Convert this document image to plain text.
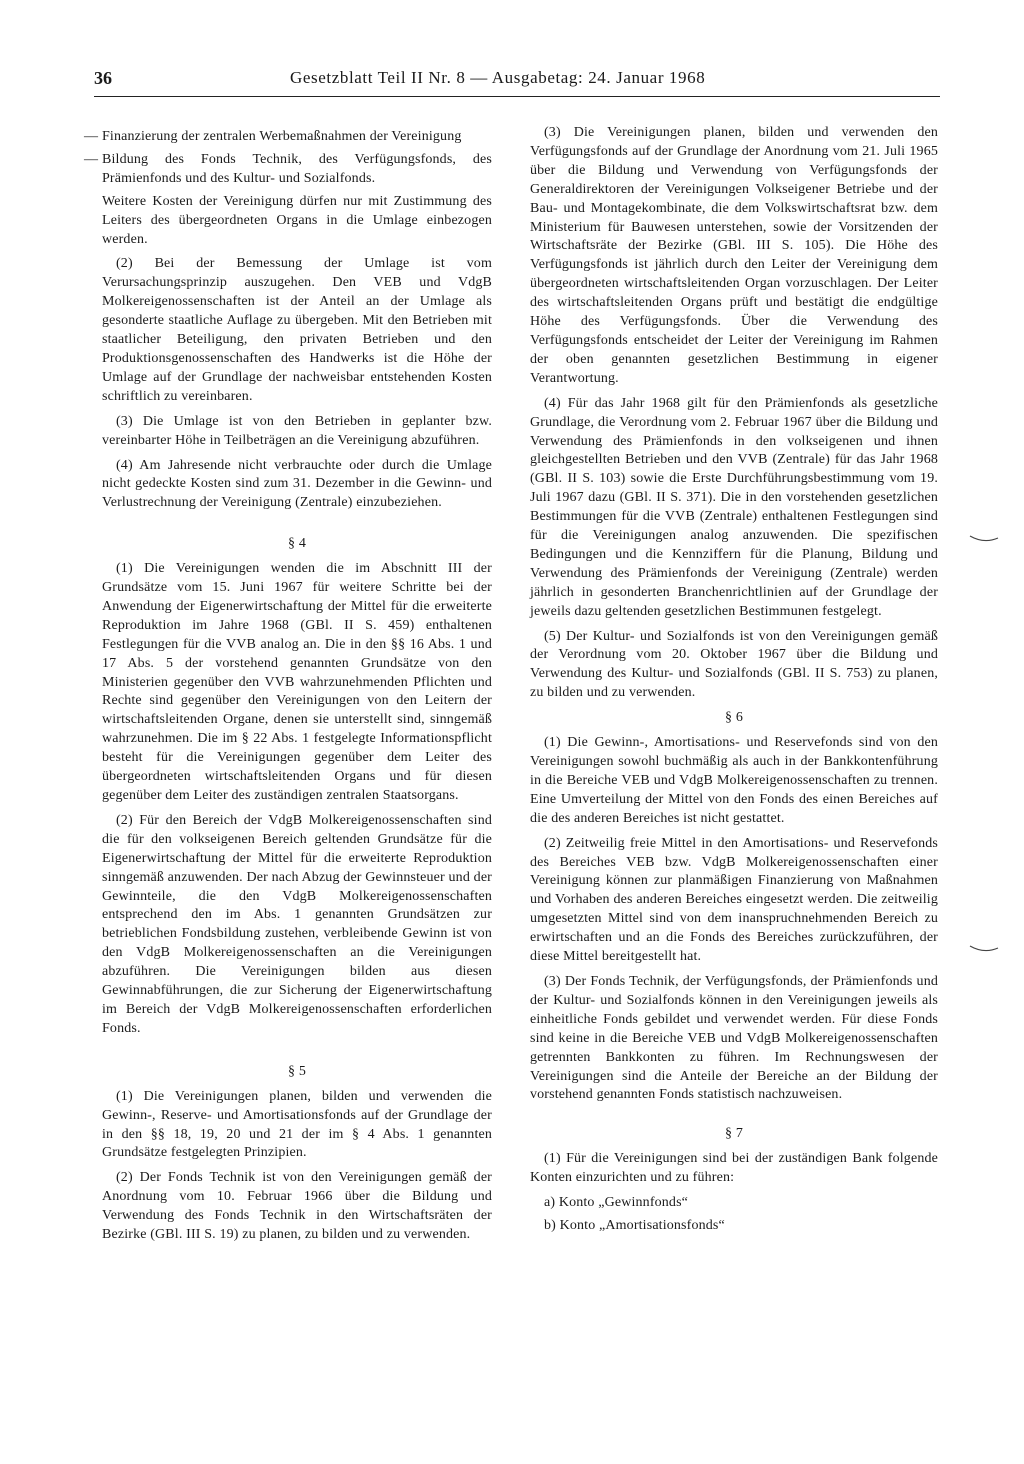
36	Gesetzblatt Teil II Nr. 8 — Ausgabetag: 24. Januar 1968

— Finanzierung der zentralen Werbemaßnahmen der Vereinigung

— Bildung des Fonds Technik, des Verfügungsfonds, des Prämienfonds und des Kultur- und Sozialfonds.

Weitere Kosten der Vereinigung dürfen nur mit Zustimmung des Leiters des übergeordneten Organs in die Umlage einbezogen werden.

(2) Bei der Bemessung der Umlage ist vom Verursachungsprinzip auszugehen. Den VEB und VdgB Molkereigenossenschaften ist der Anteil an der Umlage als gesonderte staatliche Auflage zu übergeben. Mit den Betrieben mit staatlicher Beteiligung, den privaten Betrieben und den Produktionsgenossenschaften des Handwerks ist die Höhe der Umlage auf der Grundlage der nachweisbar entstehenden Kosten schriftlich zu vereinbaren.

(3) Die Umlage ist von den Betrieben in geplanter bzw. vereinbarter Höhe in Teilbeträgen an die Vereinigung abzuführen.

(4) Am Jahresende nicht verbrauchte oder durch die Umlage nicht gedeckte Kosten sind zum 31. Dezember in die Gewinn- und Verlustrechnung der Vereinigung (Zentrale) einzubeziehen.

§ 4

(1) Die Vereinigungen wenden die im Abschnitt III der Grundsätze vom 15. Juni 1967 für weitere Schritte bei der Anwendung der Eigenerwirtschaftung der Mittel für die erweiterte Reproduktion im Jahre 1968 (GBl. II S. 459) enthaltenen Festlegungen für die VVB analog an. Die in den §§ 16 Abs. 1 und 17 Abs. 5 der vorstehend genannten Grundsätze von den Ministerien gegenüber den VVB wahrzunehmenden Pflichten und Rechte sind gegenüber den Vereinigungen von den Leitern der wirtschaftsleitenden Organe, denen sie unterstellt sind, sinngemäß wahrzunehmen. Die im § 22 Abs. 1 festgelegte Informationspflicht besteht für die Vereinigungen gegenüber dem Leiter des übergeordneten wirtschaftsleitenden Organs und für diesen gegenüber dem Leiter des zuständigen zentralen Staatsorgans.

(2) Für den Bereich der VdgB Molkereigenossenschaften sind die für den volkseigenen Bereich geltenden Grundsätze für die Eigenerwirtschaftung der Mittel für die erweiterte Reproduktion sinngemäß anzuwenden. Der nach Abzug der Gewinnsteuer und der Gewinnteile, die den VdgB Molkereigenossenschaften entsprechend den im Abs. 1 genannten Grundsätzen zur betrieblichen Fondsbildung zustehen, verbleibende Gewinn ist von den VdgB Molkereigenossenschaften an die Vereinigungen abzuführen. Die Vereinigungen bilden aus diesen Gewinnabführungen, die zur Sicherung der Eigenerwirtschaftung im Bereich der VdgB Molkereigenossenschaften erforderlichen Fonds.

§ 5

(1) Die Vereinigungen planen, bilden und verwenden die Gewinn-, Reserve- und Amortisationsfonds auf der Grundlage der in den §§ 18, 19, 20 und 21 der im § 4 Abs. 1 genannten Grundsätze festgelegten Prinzipien.

(2) Der Fonds Technik ist von den Vereinigungen gemäß der Anordnung vom 10. Februar 1966 über die Bildung und Verwendung des Fonds Technik in den Wirtschaftsräten der Bezirke (GBl. III S. 19) zu planen, zu bilden und zu verwenden.

(3) Die Vereinigungen planen, bilden und verwenden den Verfügungsfonds auf der Grundlage der Anordnung vom 21. Juli 1965 über die Bildung und Verwendung von Verfügungsfonds der Generaldirektoren der Vereinigungen Volkseigener Betriebe und der Bau- und Montagekombinate, die dem Volkswirtschaftsrat bzw. dem Ministerium für Bauwesen unterstehen, sowie der Vorsitzenden der Wirtschaftsräte der Bezirke (GBl. III S. 105). Die Höhe des Verfügungsfonds ist jährlich durch den Leiter der Vereinigung dem übergeordneten wirtschaftsleitenden Organ vorzuschlagen. Der Leiter des wirtschaftsleitenden Organs prüft und bestätigt die endgültige Höhe des Verfügungsfonds. Über die Verwendung des Verfügungsfonds entscheidet der Leiter der Vereinigung im Rahmen der oben genannten gesetzlichen Bestimmung in eigener Verantwortung.

(4) Für das Jahr 1968 gilt für den Prämienfonds als gesetzliche Grundlage, die Verordnung vom 2. Februar 1967 über die Bildung und Verwendung des Prämienfonds in den volkseigenen und ihnen gleichgestellten Betrieben und den VVB (Zentrale) für das Jahr 1968 (GBl. II S. 103) sowie die Erste Durchführungsbestimmung vom 19. Juli 1967 dazu (GBl. II S. 371). Die in den vorstehenden gesetzlichen Bestimmungen für die VVB (Zentrale) enthaltenen Festlegungen sind für die Vereinigungen analog anzuwenden. Die spezifischen Bedingungen und die Kennziffern für die Planung, Bildung und Verwendung des Prämienfonds der Vereinigung (Zentrale) werden jährlich in gesonderten Branchenrichtlinien auf der Grundlage der jeweils dazu geltenden gesetzlichen Bestimmunen festgelegt.

(5) Der Kultur- und Sozialfonds ist von den Vereinigungen gemäß der Verordnung vom 20. Oktober 1967 über die Bildung und Verwendung des Kultur- und Sozialfonds (GBl. II S. 753) zu planen, zu bilden und zu verwenden.

§ 6

(1) Die Gewinn-, Amortisations- und Reservefonds sind von den Vereinigungen sowohl buchmäßig als auch in der Bankkontenführung in die Bereiche VEB und VdgB Molkereigenossenschaften zu trennen. Eine Umverteilung der Mittel von den Fonds des einen Bereiches auf die des anderen Bereiches ist nicht gestattet.

(2) Zeitweilig freie Mittel in den Amortisations- und Reservefonds des Bereiches VEB bzw. VdgB Molkereigenossenschaften einer Vereinigung können zur planmäßigen Finanzierung von Maßnahmen und Vorhaben des anderen Bereiches eingesetzt werden. Die zeitweilig umgesetzten Mittel sind von dem inanspruchnehmenden Bereich zu erwirtschaften und an die Fonds des Bereiches zurückzuführen, der diese Mittel bereitgestellt hat.

(3) Der Fonds Technik, der Verfügungsfonds, der Prämienfonds und der Kultur- und Sozialfonds können in den Vereinigungen jeweils als einheitliche Fonds gebildet und verwendet werden. Für diese Fonds sind keine in die Bereiche VEB und VdgB Molkereigenossenschaften getrennten Bankkonten zu führen. Im Rechnungswesen der Vereinigungen sind die Anteile der Bereiche an der Bildung der vorstehend genannten Fonds statistisch nachzuweisen.

§ 7

(1) Für die Vereinigungen sind bei der zuständigen Bank folgende Konten einzurichten und zu führen:

a) Konto „Gewinnfonds“

b) Konto „Amortisationsfonds“
